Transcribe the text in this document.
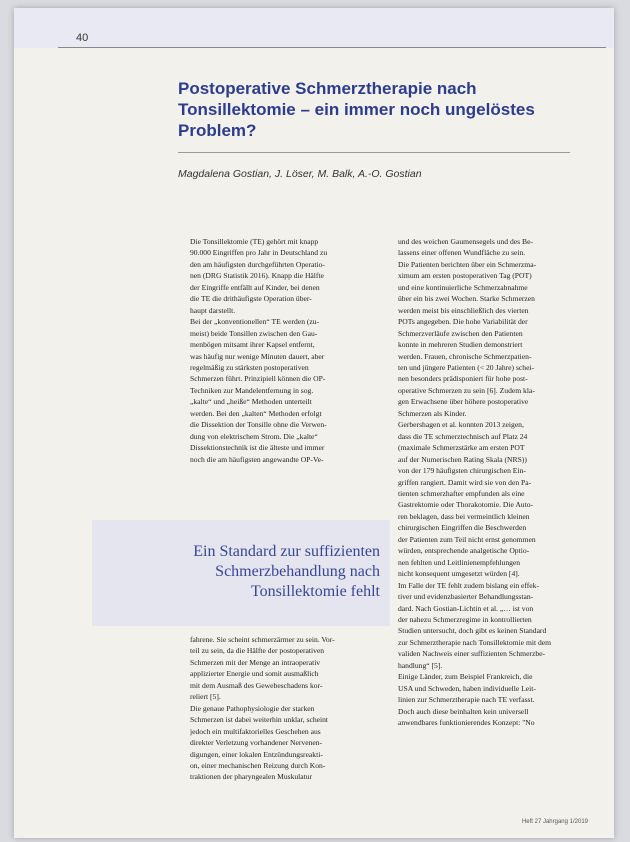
40
Postoperative Schmerztherapie nach
Tonsillektomie – ein immer noch ungelöstes
Problem?
Magdalena Gostian, J. Löser, M. Balk, A.-O. Gostian
Die Tonsillektomie (TE) gehört mit knapp
90.000 Eingriffen pro Jahr in Deutschland zu
den am häufigsten durchgeführten Operatio-
nen (DRG Statistik 2016). Knapp die Hälfte
der Eingriffe entfällt auf Kinder, bei denen
die TE die drithäufigste Operation über-
haupt darstellt.
Bei der „konventionellen“ TE werden (zu-
meist) beide Tonsillen zwischen den Gau-
menbögen mitsamt ihrer Kapsel entfernt,
was häufig nur wenige Minuten dauert, aber
regelmäßig zu stärksten postoperativen
Schmerzen führt. Prinzipiell können die OP-
Techniken zur Mandelentfernung in sog.
„kalte“ und „heiße“ Methoden unterteilt
werden. Bei den „kalten“ Methoden erfolgt
die Dissektion der Tonsille ohne die Verwen-
dung von elektrischem Strom. Die „kalte“
Dissektionstechnik ist die älteste und immer
noch die am häufigsten angewandte OP-Ve-
Ein Standard zur suffizienten
Schmerzbehandlung nach
Tonsillektomie fehlt
fahrene. Sie scheint schmerzärmer zu sein. Vor-
teil zu sein, da die Hälfte der postoperativen
Schmerzen mit der Menge an intraoperativ
applizierter Energie und somit ausmaßlich
mit dem Ausmaß des Gewebeschadens kor-
reliert [5].
Die genaue Pathophysiologie der starken
Schmerzen ist dabei weiterhin unklar, scheint
jedoch ein multifaktorielles Geschehen aus
direkter Verletzung vorhandener Nervenen-
digungen, einer lokalen Entzündungsreakti-
on, einer mechanischen Reizung durch Kon-
traktionen der pharyngealen Muskulatur
und des weichen Gaumensegels und des Be-
lassens einer offenen Wundfläche zu sein.
Die Patienten berichten über ein Schmerzma-
ximum am ersten postoperativen Tag (POT)
und eine kontinuierliche Schmerzabnahme
über ein bis zwei Wochen. Starke Schmerzen
werden meist bis einschließlich des vierten
POTs angegeben. Die hohe Variabilität der
Schmerzverläufe zwischen den Patienten
konnte in mehreren Studien demonstriert
werden. Frauen, chronische Schmerzpatien-
ten und jüngere Patienten (< 20 Jahre) schei-
nen besonders prädisponiert für hohe post-
operative Schmerzen zu sein [6]. Zudem kla-
gen Erwachsene über höhere postoperative
Schmerzen als Kinder.
Gerbershagen et al. konnten 2013 zeigen,
dass die TE schmerztechnisch auf Platz 24
(maximale Schmerzstärke am ersten POT
auf der Numerischen Rating Skala (NRS))
von der 179 häufigsten chirurgischen Ein-
griffen rangiert. Damit wird sie von den Pa-
tienten schmerzhafter empfunden als eine
Gastrektomie oder Thorakotomie. Die Auto-
ren beklagen, dass bei vermeintlich kleinen
chirurgischen Eingriffen die Beschwerden
der Patienten zum Teil nicht ernst genommen
würden, entsprechende analgetische Optio-
nen fehlten und Leitlinienempfehlungen
nicht konsequent umgesetzt würden [4].
Im Falle der TE fehlt zudem bislang ein effek-
tiver und evidenzbasierter Behandlungsstan-
dard. Nach Gostian-Lichtin et al. „… ist von
der nahezu Schmerzregime in kontrollierten
Studien untersucht, doch gibt es keinen Standard
zur Schmerztherapie nach Tonsillektomie mit dem
validen Nachweis einer suffizienten Schmerzbe-
handlung“ [5].
Einige Länder, zum Beispiel Frankreich, die
USA und Schweden, haben individuelle Leit-
linien zur Schmerztherapie nach TE verfasst.
Doch auch diese beinhalten kein universell
anwendbares funktionierendes Konzept: "No
Heft 27 Jahrgang 1/2019
